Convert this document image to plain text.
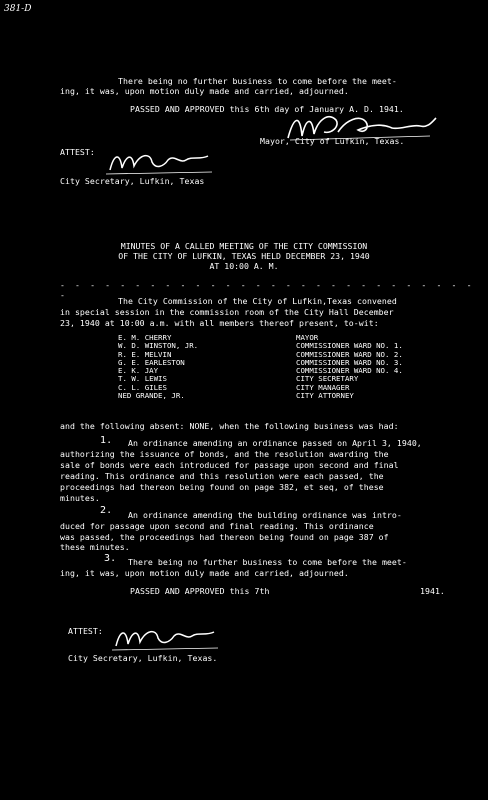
381-D
There being no further business to come before the meet-
ing, it was, upon motion duly made and carried, adjourned.
PASSED AND APPROVED this 6th day of January A. D. 1941.
Mayor, City of Lufkin, Texas.
ATTEST:
City Secretary, Lufkin, Texas
MINUTES OF A CALLED MEETING OF THE CITY COMMISSION
OF THE CITY OF LUFKIN, TEXAS HELD DECEMBER 23, 1940
AT 10:00 A. M.
- - - - - - - - - - - - - - - - - - - - - - - - - - - - -
The City Commission of the City of Lufkin,Texas convened
in special session in the commission room of the City Hall December
23, 1940 at 10:00 a.m. with all members thereof present, to-wit:
E. M. CHERRY	MAYOR
W. D. WINSTON, JR.	COMMISSIONER WARD NO. 1.
R. E. MELVIN	COMMISSIONER WARD NO. 2.
G. E. EARLESTON	COMMISSIONER WARD NO. 3.
E. K. JAY	COMMISSIONER WARD NO. 4.
T. W. LEWIS	CITY SECRETARY
C. L. GILES	CITY MANAGER
NED GRANDE, JR.	CITY ATTORNEY
and the following absent: NONE, when the following business was had:
1. An ordinance amending an ordinance passed on April 3, 1940,
authorizing the issuance of bonds, and the resolution awarding the
sale of bonds were each introduced for passage upon second and final
reading. This ordinance and this resolution were each passed, the
proceedings had thereon being found on page 382, et seq, of these
minutes.
2. An ordinance amending the building ordinance was intro-
duced for passage upon second and final reading. This ordinance
was passed, the proceedings had thereon being found on page 387 of
these minutes.
3. There being no further business to come before the meet-
ing, it was, upon motion duly made and carried, adjourned.
PASSED AND APPROVED this 7th	1941.
ATTEST:
City Secretary, Lufkin, Texas.
